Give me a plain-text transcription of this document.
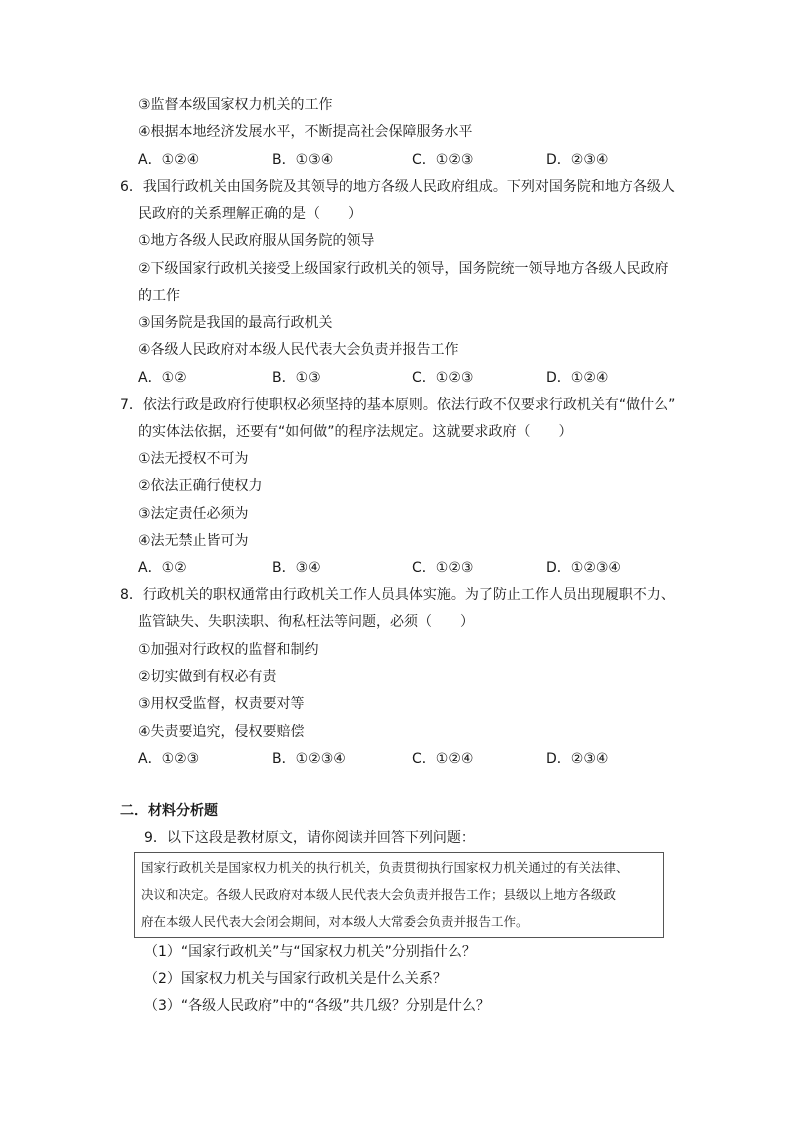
③监督本级国家权力机关的工作
④根据本地经济发展水平，不断提高社会保障服务水平
A．①②④	B．①③④	C．①②③	D．②③④
6．我国行政机关由国务院及其领导的地方各级人民政府组成。下列对国务院和地方各级人
民政府的关系理解正确的是（　　）
①地方各级人民政府服从国务院的领导
②下级国家行政机关接受上级国家行政机关的领导，国务院统一领导地方各级人民政府
的工作
③国务院是我国的最高行政机关
④各级人民政府对本级人民代表大会负责并报告工作
A．①②	B．①③	C．①②③	D．①②④
7．依法行政是政府行使职权必须坚持的基本原则。依法行政不仅要求行政机关有“做什么”
的实体法依据，还要有“如何做”的程序法规定。这就要求政府（　　）
①法无授权不可为
②依法正确行使权力
③法定责任必须为
④法无禁止皆可为
A．①②	B．③④	C．①②③	D．①②③④
8．行政机关的职权通常由行政机关工作人员具体实施。为了防止工作人员出现履职不力、
监管缺失、失职渎职、徇私枉法等问题，必须（　　）
①加强对行政权的监督和制约
②切实做到有权必有责
③用权受监督，权责要对等
④失责要追究，侵权要赔偿
A．①②③	B．①②③④	C．①②④	D．②③④
二．材料分析题
9．以下这段是教材原文，请你阅读并回答下列问题：
国家行政机关是国家权力机关的执行机关，负责贯彻执行国家权力机关通过的有关法律、
决议和决定。各级人民政府对本级人民代表大会负责并报告工作；县级以上地方各级政
府在本级人民代表大会闭会期间，对本级人大常委会负责并报告工作。
（1）“国家行政机关”与“国家权力机关”分别指什么？
（2）国家权力机关与国家行政机关是什么关系？
（3）“各级人民政府”中的“各级”共几级？分别是什么？
